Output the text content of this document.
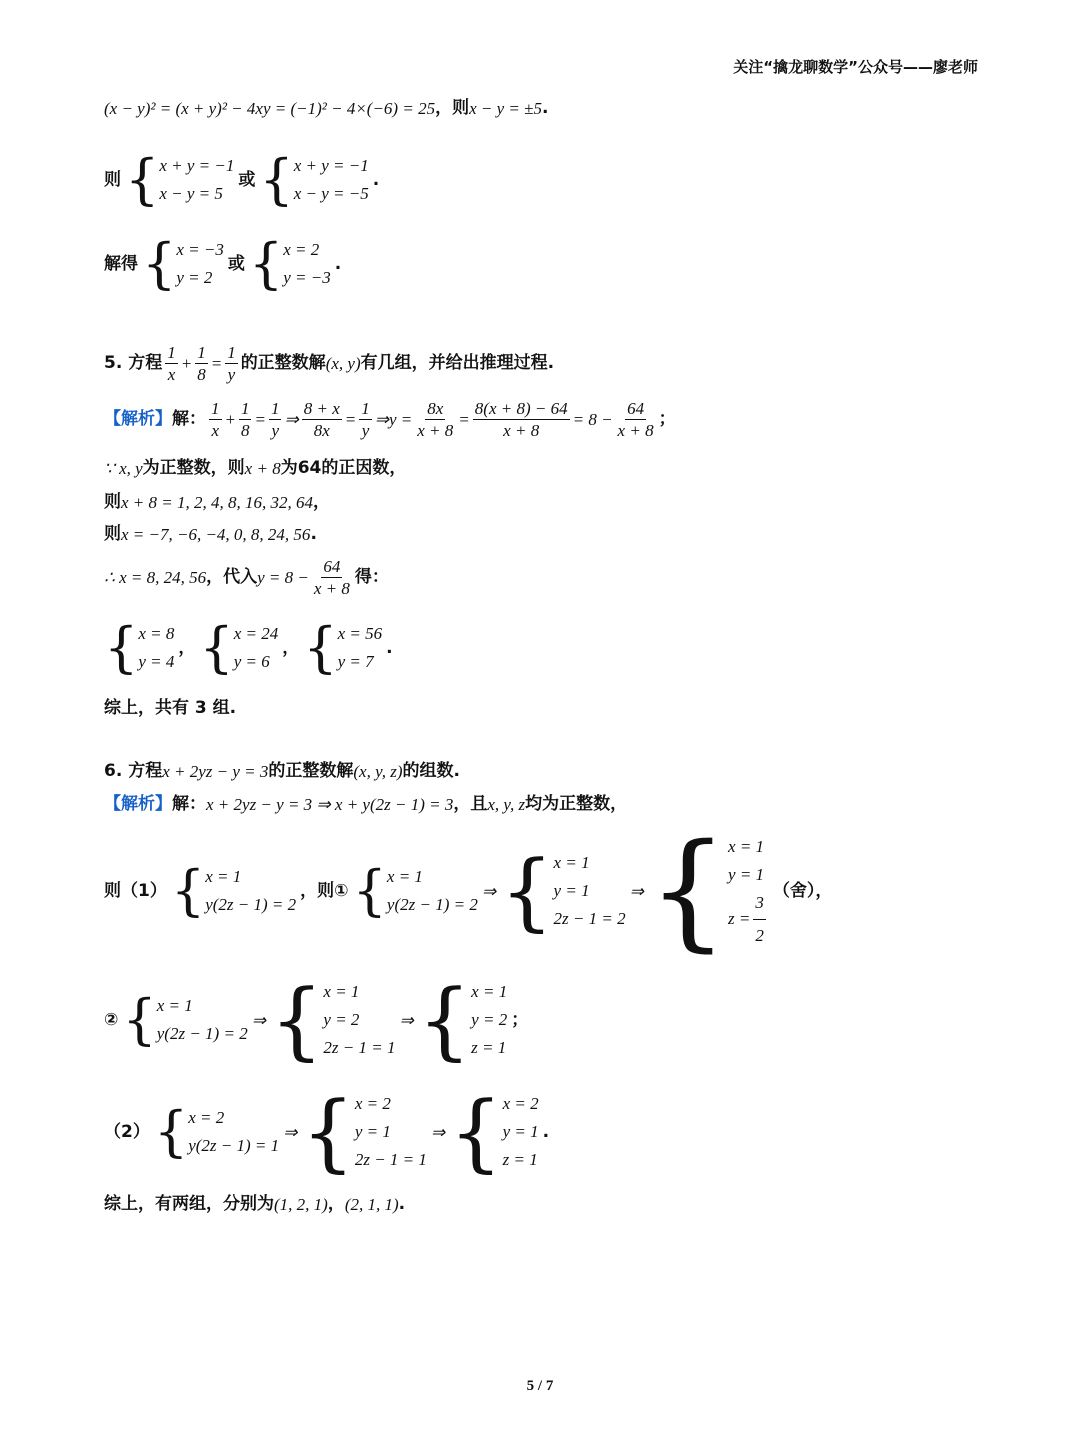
关注“擒龙聊数学”公众号——廖老师
(x − y)² = (x + y)² − 4xy = (−1)² − 4×(−6) = 25 ，则 x − y = ±5 .
则 { x + y = −1
x − y = 5
或 { x + y = −1
x − y = −5
.
解得 { x = −3
y = 2
或 { x = 2
y = −3
.
5. 方程 $\frac{1}{x} + \frac{1}{8} = \frac{1}{y}$ 的正整数解 (x, y) 有几组，并给出推理过程.
【解析】 解： $\frac{1}{x} + \frac{1}{8} = \frac{1}{y}$ ⇒ $\frac{8 + x}{8x} = \frac{1}{y}$ ⇒ $y = \frac{8x}{x + 8} = \frac{8(x + 8) - 64}{x + 8} = 8 - \frac{64}{x + 8}$ ；
∵ x, y 为正整数，则 x + 8 为 64 的正因数，
则 x + 8 = 1, 2, 4, 8, 16, 32, 64 ，
则 x = −7, −6, −4, 0, 8, 24, 56 .
∴ x = 8, 24, 56 ，代入 $y = 8 - \frac{64}{x + 8}$ 得：
{ x = 8
y = 4
， { x = 24
y = 6
， { x = 56
y = 7
.
综上，共有 3 组.
6. 方程 x + 2yz − y = 3 的正整数解 (x, y, z) 的组数.
【解析】 解： x + 2yz − y = 3 ⇒ x + y(2z − 1) = 3 ，且 x, y, z 均为正整数，
则（1） { x = 1
y(2z − 1) = 2
，则① { x = 1
y(2z − 1) = 2
⇒ { x = 1
y = 1
2z − 1 = 2
⇒ { x = 1
y = 1
$z = \frac{3}{2}$ （舍），
② { x = 1
y(2z − 1) = 2
⇒ { x = 1
y = 2
2z − 1 = 1
⇒ { x = 1
y = 2
z = 1
；
（2） { x = 2
y(2z − 1) = 1
⇒ { x = 2
y = 1
2z − 1 = 1
⇒ { x = 2
y = 1
z = 1
.
综上，有两组，分别为 (1, 2, 1) ， (2, 1, 1) .
5 / 7
